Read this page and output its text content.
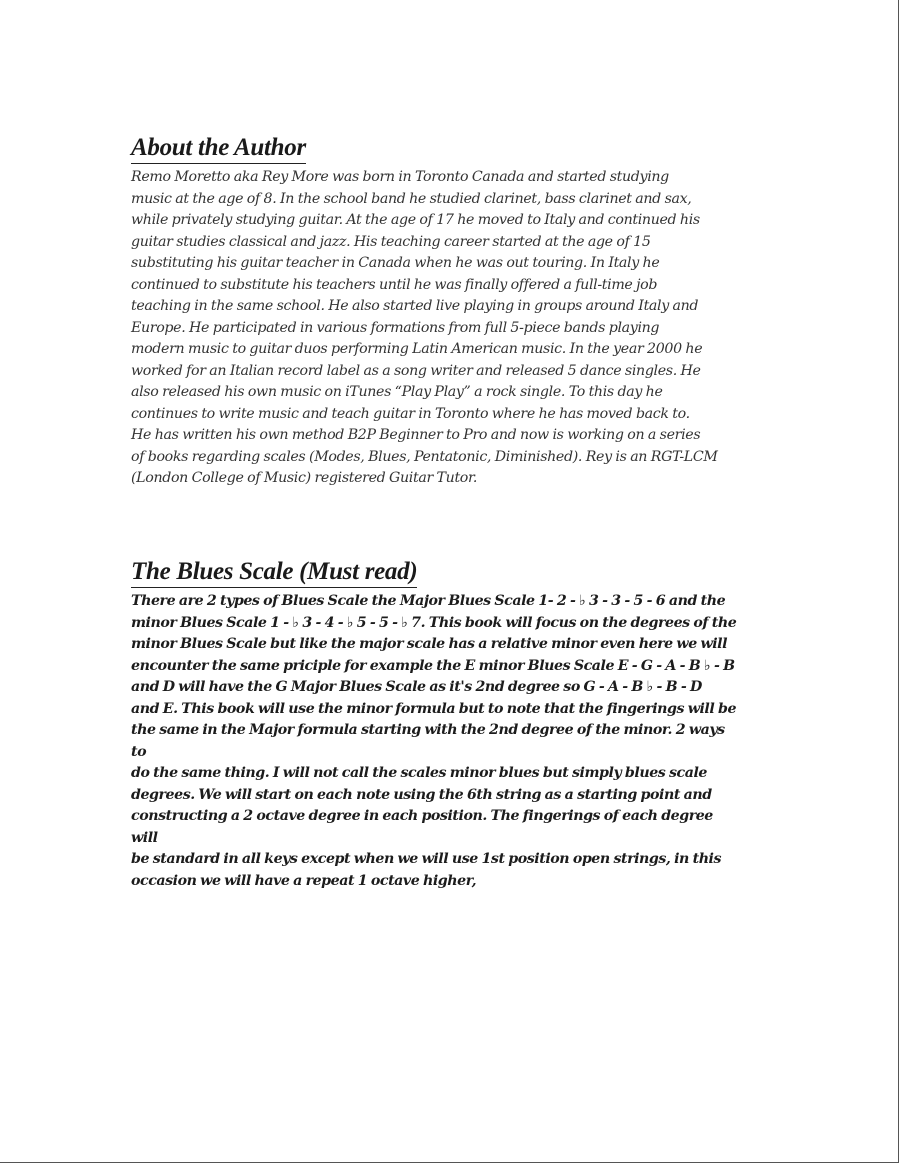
About the Author

Remo Moretto aka Rey More was born in Toronto Canada and started studying
music at the age of 8. In the school band he studied clarinet, bass clarinet and sax,
while privately studying guitar. At the age of 17 he moved to Italy and continued his
guitar studies classical and jazz. His teaching career started at the age of 15
substituting his guitar teacher in Canada when he was out touring. In Italy he
continued to substitute his teachers until he was finally offered a full-time job
teaching in the same school. He also started live playing in groups around Italy and
Europe. He participated in various formations from full 5-piece bands playing
modern music to guitar duos performing Latin American music. In the year 2000 he
worked for an Italian record label as a song writer and released 5 dance singles. He
also released his own music on iTunes “Play Play” a rock single. To this day he
continues to write music and teach guitar in Toronto where he has moved back to.
He has written his own method B2P Beginner to Pro and now is working on a series
of books regarding scales (Modes, Blues, Pentatonic, Diminished). Rey is an RGT-LCM
(London College of Music) registered Guitar Tutor.

The Blues Scale (Must read)

There are 2 types of Blues Scale the Major Blues Scale 1- 2 - ♭ 3 - 3 - 5 - 6 and the
minor Blues Scale 1 - ♭ 3 - 4 - ♭ 5 - 5 - ♭ 7. This book will focus on the degrees of the
minor Blues Scale but like the major scale has a relative minor even here we will
encounter the same priciple for example the E minor Blues Scale E - G - A - B ♭ - B
and D will have the G Major Blues Scale as it's 2nd degree so G - A - B ♭ - B - D
and E. This book will use the minor formula but to note that the fingerings will be
the same in the Major formula starting with the 2nd degree of the minor. 2 ways to
do the same thing. I will not call the scales minor blues but simply blues scale
degrees. We will start on each note using the 6th string as a starting point and
constructing a 2 octave degree in each position. The fingerings of each degree will
be standard in all keys except when we will use 1st position open strings, in this
occasion we will have a repeat 1 octave higher,
